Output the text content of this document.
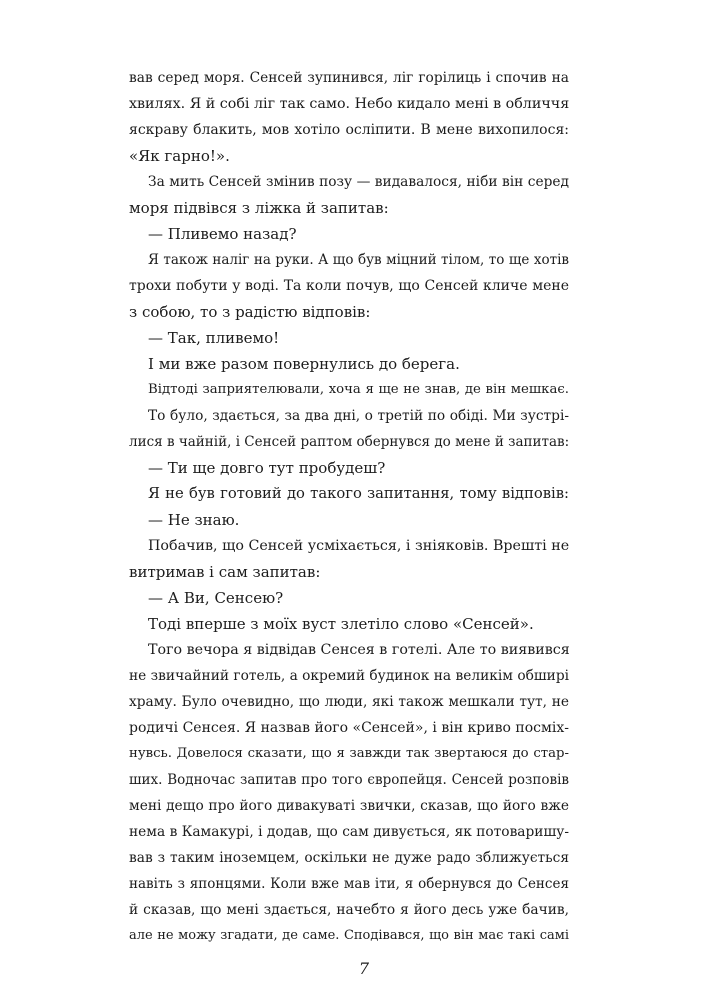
вав серед моря. Сенсей зупинився, ліг горілиць і спочив на
хвилях. Я й собі ліг так само. Небо кидало мені в обличчя
яскраву блакить, мов хотіло осліпити. В мене вихопилося:
«Як гарно!».
За мить Сенсей змінив позу — видавалося, ніби він серед
моря підвівся з ліжка й запитав:
— Пливемо назад?
Я також наліг на руки. А що був міцний тілом, то ще хотів
трохи побути у воді. Та коли почув, що Сенсей кличе мене
з собою, то з радістю відповів:
— Так, пливемо!
І ми вже разом повернулись до берега.
Відтоді заприятелювали, хоча я ще не знав, де він мешкає.
То було, здається, за два дні, о третій по обіді. Ми зустрі-
лися в чайній, і Сенсей раптом обернувся до мене й запитав:
— Ти ще довго тут пробудеш?
Я не був готовий до такого запитання, тому відповів:
— Не знаю.
Побачив, що Сенсей усміхається, і зніяковів. Врешті не
витримав і сам запитав:
— А Ви, Сенсею?
Тоді вперше з моїх вуст злетіло слово «Сенсей».
Того вечора я відвідав Сенсея в готелі. Але то виявився
не звичайний готель, а окремий будинок на великім обширі
храму. Було очевидно, що люди, які також мешкали тут, не
родичі Сенсея. Я назвав його «Сенсей», і він криво посміх-
нувсь. Довелося сказати, що я завжди так звертаюся до стар-
ших. Водночас запитав про того європейця. Сенсей розповів
мені дещо про його дивакуваті звички, сказав, що його вже
нема в Камакурі, і додав, що сам дивується, як потоваришу-
вав з таким іноземцем, оскільки не дуже радо зближується
навіть з японцями. Коли вже мав іти, я обернувся до Сенсея
й сказав, що мені здається, начебто я його десь уже бачив,
але не можу згадати, де саме. Сподівався, що він має такі самі
7
